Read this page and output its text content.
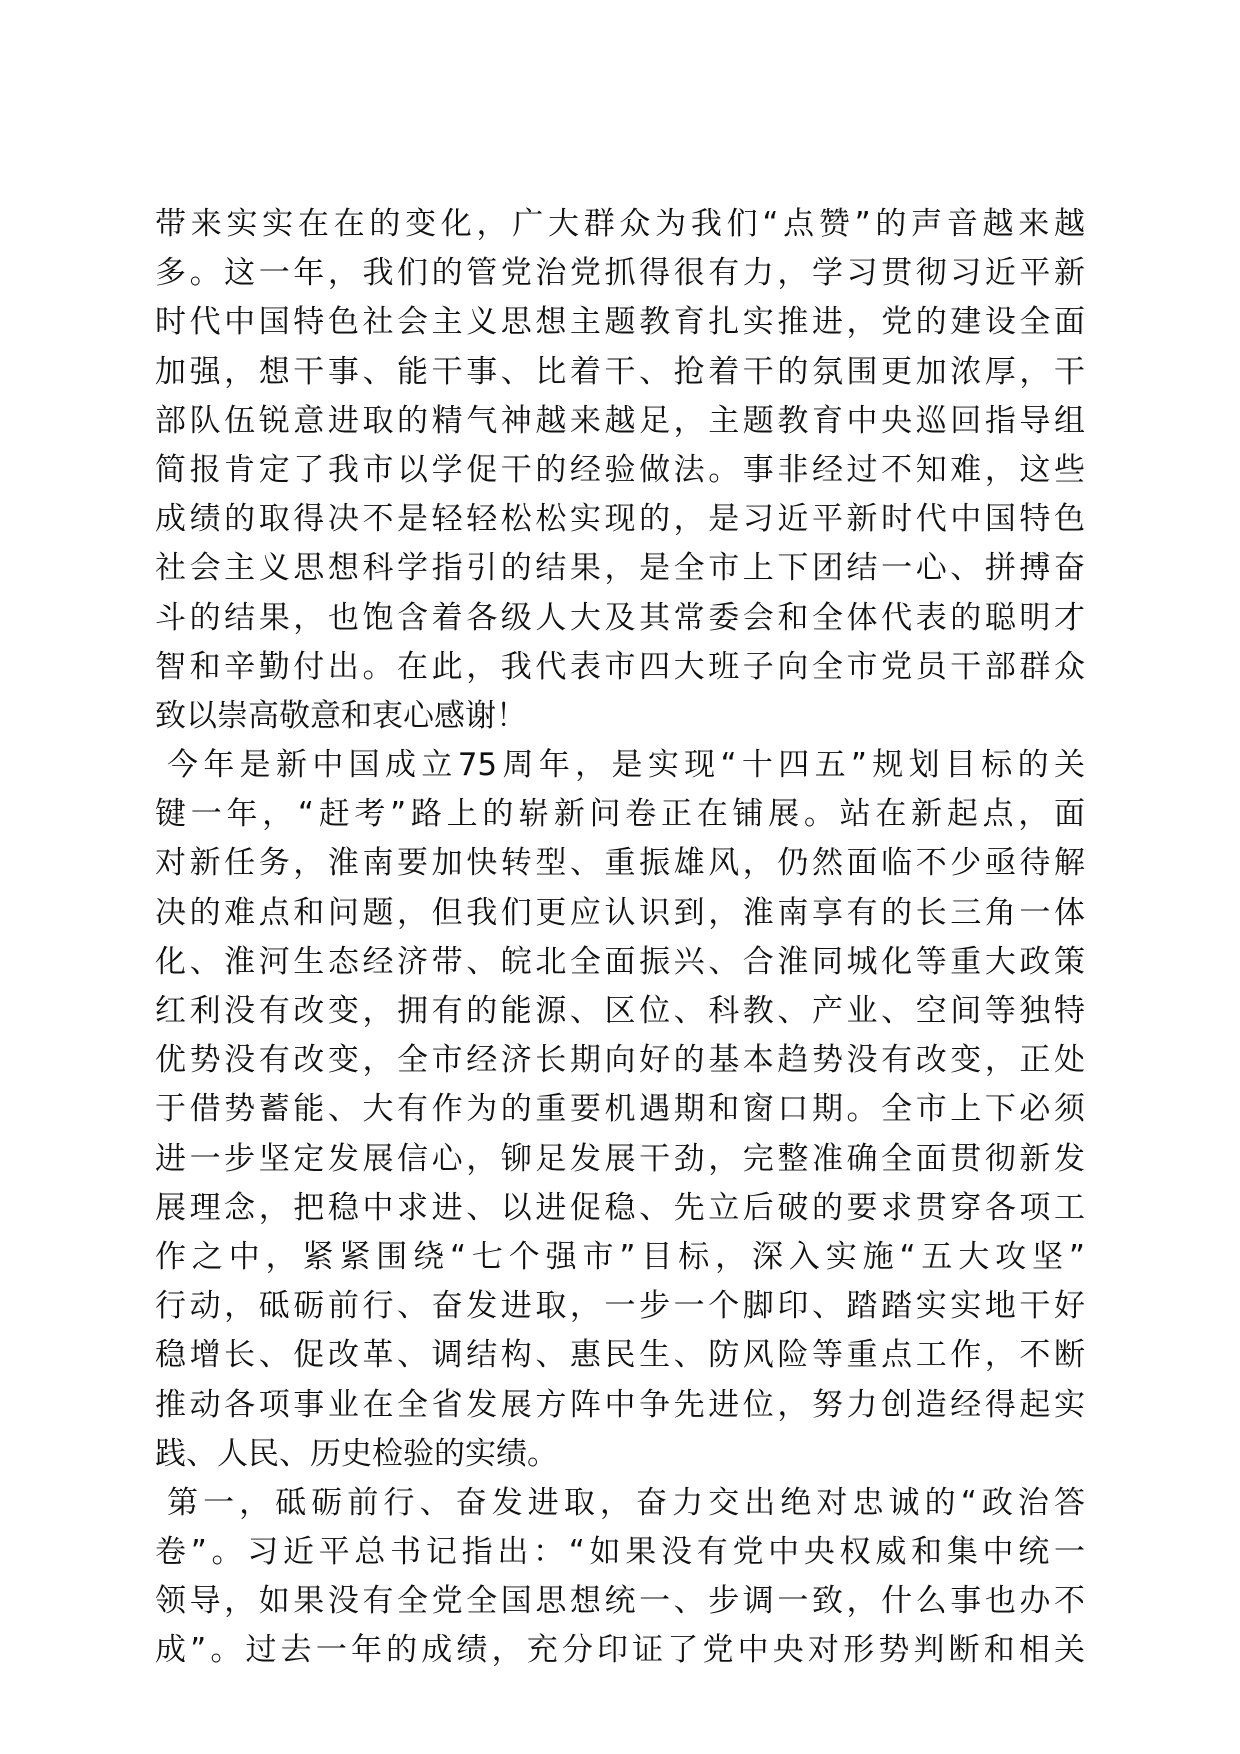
带来实实在在的变化，广大群众为我们“点赞”的声音越来越
多。这一年，我们的管党治党抓得很有力，学习贯彻习近平新
时代中国特色社会主义思想主题教育扎实推进，党的建设全面
加强，想干事、能干事、比着干、抢着干的氛围更加浓厚，干
部队伍锐意进取的精气神越来越足，主题教育中央巡回指导组
简报肯定了我市以学促干的经验做法。事非经过不知难，这些
成绩的取得决不是轻轻松松实现的，是习近平新时代中国特色
社会主义思想科学指引的结果，是全市上下团结一心、拼搏奋
斗的结果，也饱含着各级人大及其常委会和全体代表的聪明才
智和辛勤付出。在此，我代表市四大班子向全市党员干部群众
致以崇高敬意和衷心感谢！
今年是新中国成立75周年，是实现“十四五”规划目标的关
键一年，“赶考”路上的崭新问卷正在铺展。站在新起点，面
对新任务，淮南要加快转型、重振雄风，仍然面临不少亟待解
决的难点和问题，但我们更应认识到，淮南享有的长三角一体
化、淮河生态经济带、皖北全面振兴、合淮同城化等重大政策
红利没有改变，拥有的能源、区位、科教、产业、空间等独特
优势没有改变，全市经济长期向好的基本趋势没有改变，正处
于借势蓄能、大有作为的重要机遇期和窗口期。全市上下必须
进一步坚定发展信心，铆足发展干劲，完整准确全面贯彻新发
展理念，把稳中求进、以进促稳、先立后破的要求贯穿各项工
作之中，紧紧围绕“七个强市”目标，深入实施“五大攻坚”
行动，砥砺前行、奋发进取，一步一个脚印、踏踏实实地干好
稳增长、促改革、调结构、惠民生、防风险等重点工作，不断
推动各项事业在全省发展方阵中争先进位，努力创造经得起实
践、人民、历史检验的实绩。
第一，砥砺前行、奋发进取，奋力交出绝对忠诚的“政治答
卷”。习近平总书记指出：“如果没有党中央权威和集中统一
领导，如果没有全党全国思想统一、步调一致，什么事也办不
成”。过去一年的成绩，充分印证了党中央对形势判断和相关
